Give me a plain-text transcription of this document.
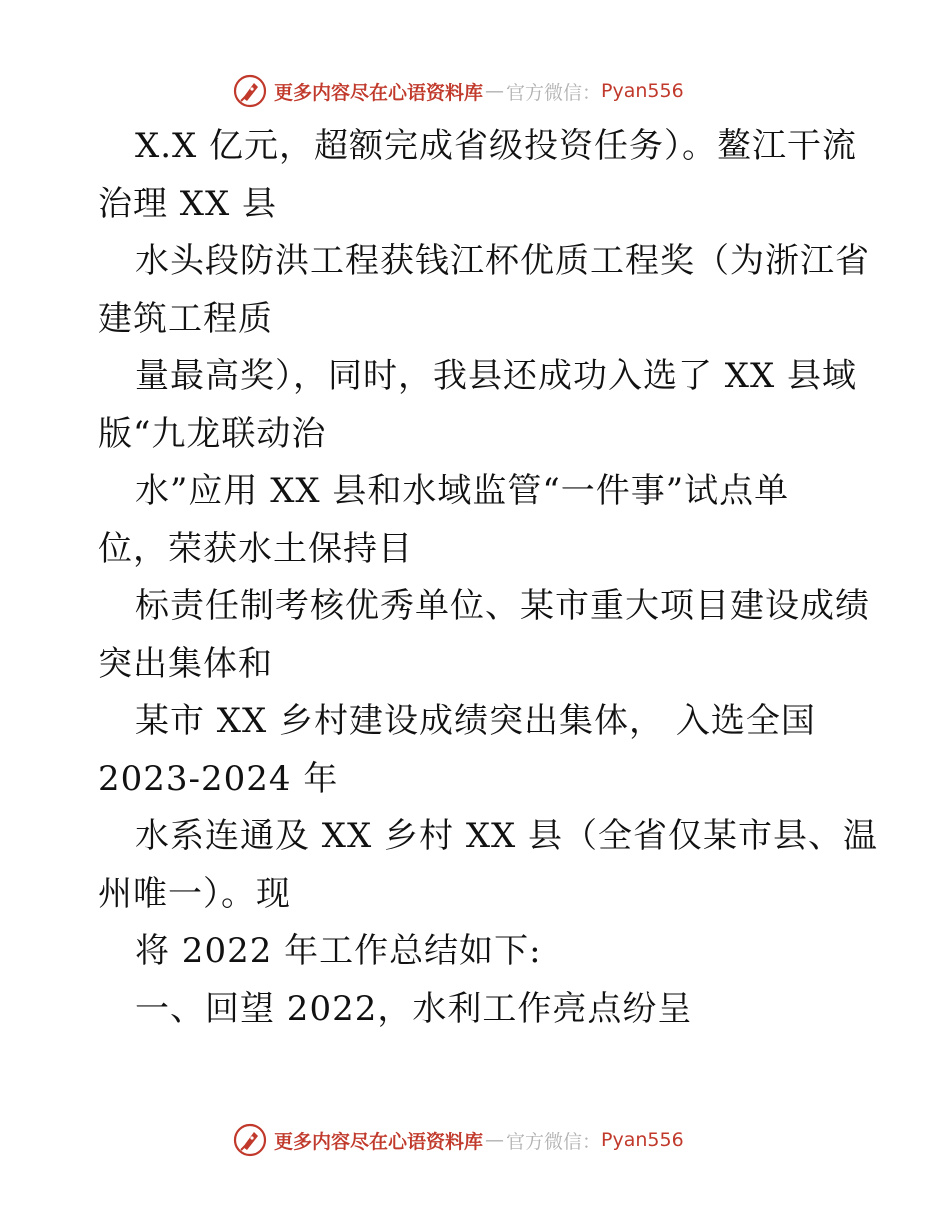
更多内容尽在心语资料库 — 官方微信： Pyan556
X.X 亿元，超额完成省级投资任务）。鳌江干流
治理 XX 县
水头段防洪工程获钱江杯优质工程奖（为浙江省
建筑工程质
量最高奖），同时，我县还成功入选了 XX 县域
版“九龙联动治
水”应用 XX 县和水域监管“一件事”试点单
位，荣获水土保持目
标责任制考核优秀单位、某市重大项目建设成绩
突出集体和
某市 XX 乡村建设成绩突出集体， 入选全国
2023-2024 年
水系连通及 XX 乡村 XX 县（全省仅某市县、温
州唯一）。现
将 2022 年工作总结如下:
一、回望 2022，水利工作亮点纷呈
更多内容尽在心语资料库 — 官方微信： Pyan556
